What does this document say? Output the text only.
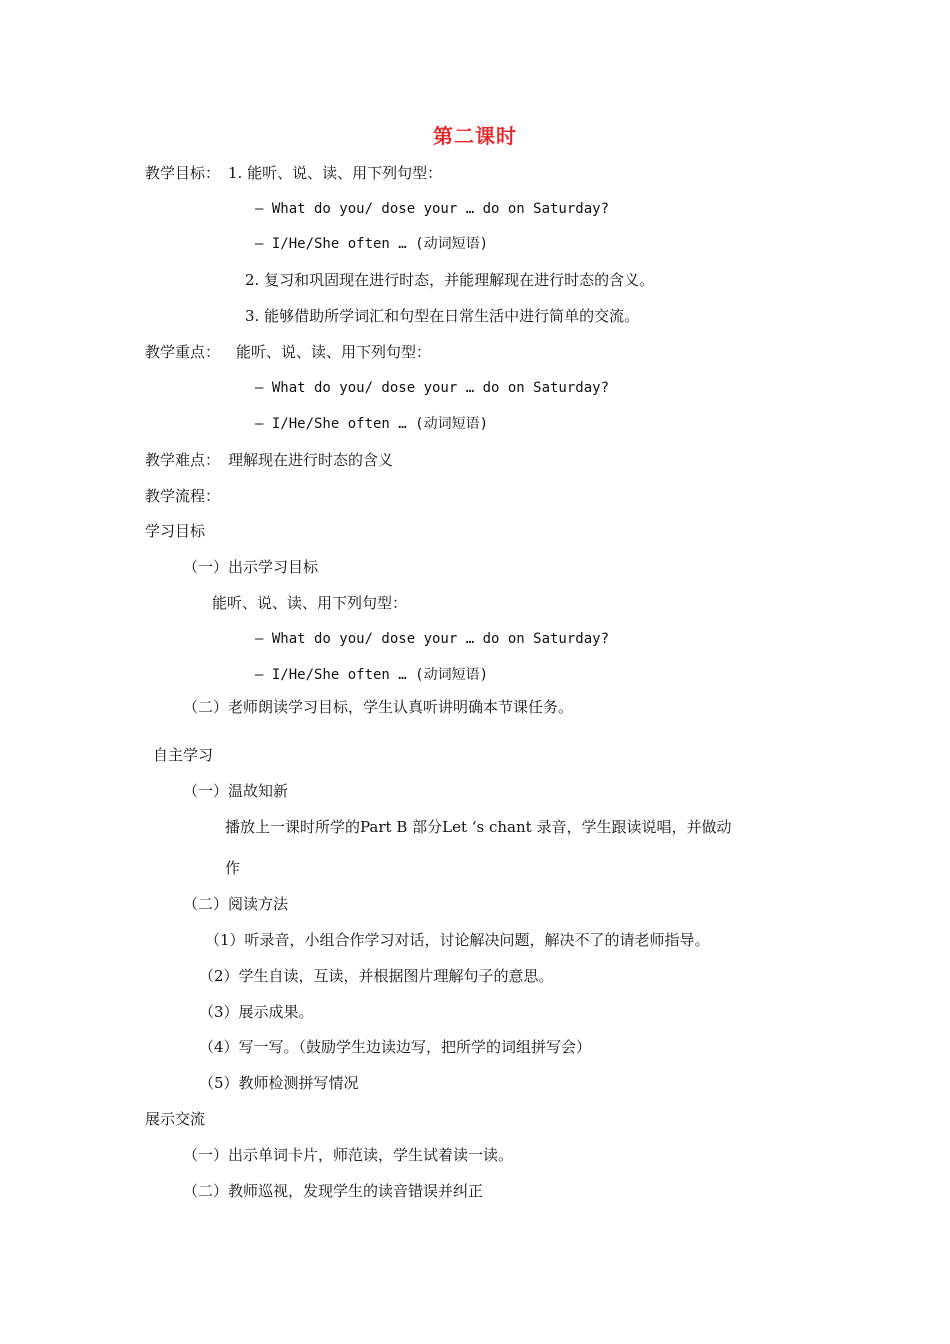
第二课时
教学目标： 1. 能听、说、读、用下列句型：
— What do you/ dose your … do on Saturday?
— I/He/She often … (动词短语)
2. 复习和巩固现在进行时态，并能理解现在进行时态的含义。
3. 能够借助所学词汇和句型在日常生活中进行简单的交流。
教学重点： 能听、说、读、用下列句型：
— What do you/ dose your … do on Saturday?
— I/He/She often … (动词短语)
教学难点： 理解现在进行时态的含义
教学流程：
学习目标
（一）出示学习目标
能听、说、读、用下列句型：
— What do you/ dose your … do on Saturday?
— I/He/She often … (动词短语)
（二）老师朗读学习目标，学生认真听讲明确本节课任务。
自主学习
（一）温故知新
播放上一课时所学的Part B 部分Let ‘s chant 录音，学生跟读说唱，并做动
作
（二）阅读方法
（1）听录音，小组合作学习对话，讨论解决问题，解决不了的请老师指导。
（2）学生自读，互读，并根据图片理解句子的意思。
（3）展示成果。
（4）写一写。（鼓励学生边读边写，把所学的词组拼写会）
（5）教师检测拼写情况
展示交流
（一）出示单词卡片，师范读，学生试着读一读。
（二）教师巡视，发现学生的读音错误并纠正
